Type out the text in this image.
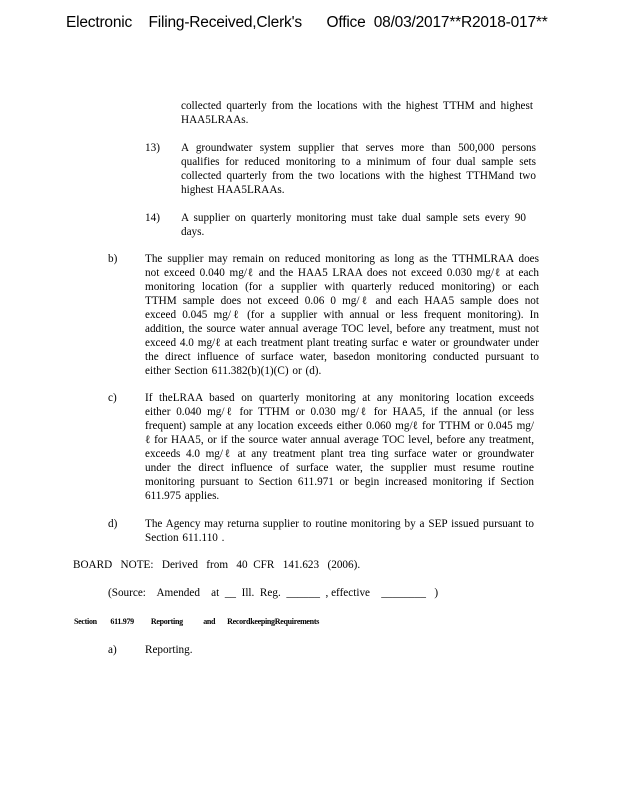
Electronic    Filing-Received,Clerk's      Office  08/03/2017**R2018-017**
collected quarterly from the locations with the highest TTHM and highest HAA5LRAAs.
13) A groundwater system supplier that serves more than 500,000 persons qualifies for reduced monitoring to a minimum of four dual sample sets collected quarterly from the two locations with the highest TTHMand two highest HAA5LRAAs.
14) A supplier on quarterly monitoring must take dual sample sets every 90 days.
b) The supplier may remain on reduced monitoring as long as the TTHMLRAA does not exceed 0.040 mg/ℓ and the HAA5 LRAA does not exceed 0.030 mg/ℓ at each monitoring location (for a supplier with quarterly reduced monitoring) or each TTHM sample does not exceed 0.06 0 mg/ℓ and each HAA5 sample does not exceed 0.045 mg/ℓ (for a supplier with annual or less frequent monitoring). In addition, the source water annual average TOC level, before any treatment, must not exceed 4.0 mg/ℓ at each treatment plant treating surfac e water or groundwater under the direct influence of surface water, basedon monitoring conducted pursuant to either Section 611.382(b)(1)(C) or (d).
c)	If theLRAA based on quarterly monitoring at any monitoring location exceeds either 0.040 mg/ℓ for TTHM or 0.030 mg/ℓ for HAA5, if the annual (or less frequent) sample at any location exceeds either 0.060 mg/ℓ for TTHM or 0.045 mg/ℓ for HAA5, or if the source water annual average TOC level, before any treatment, exceeds 4.0 mg/ℓ at any treatment plant trea ting surface water or groundwater under the direct influence of surface water, the supplier must resume routine monitoring pursuant to Section 611.971 or begin increased monitoring if Section 611.975 applies.
d) The Agency may returna supplier to routine monitoring by a SEP issued pursuant to Section 611.110 .
BOARD   NOTE:   Derived   from   40  CFR   141.623   (2006).
(Source:    Amended    at  __  Ill.  Reg.  ______  , effective    ________   )
Section        611.979          Reporting            and       RecordkeepingRequirements
a)	Reporting.
